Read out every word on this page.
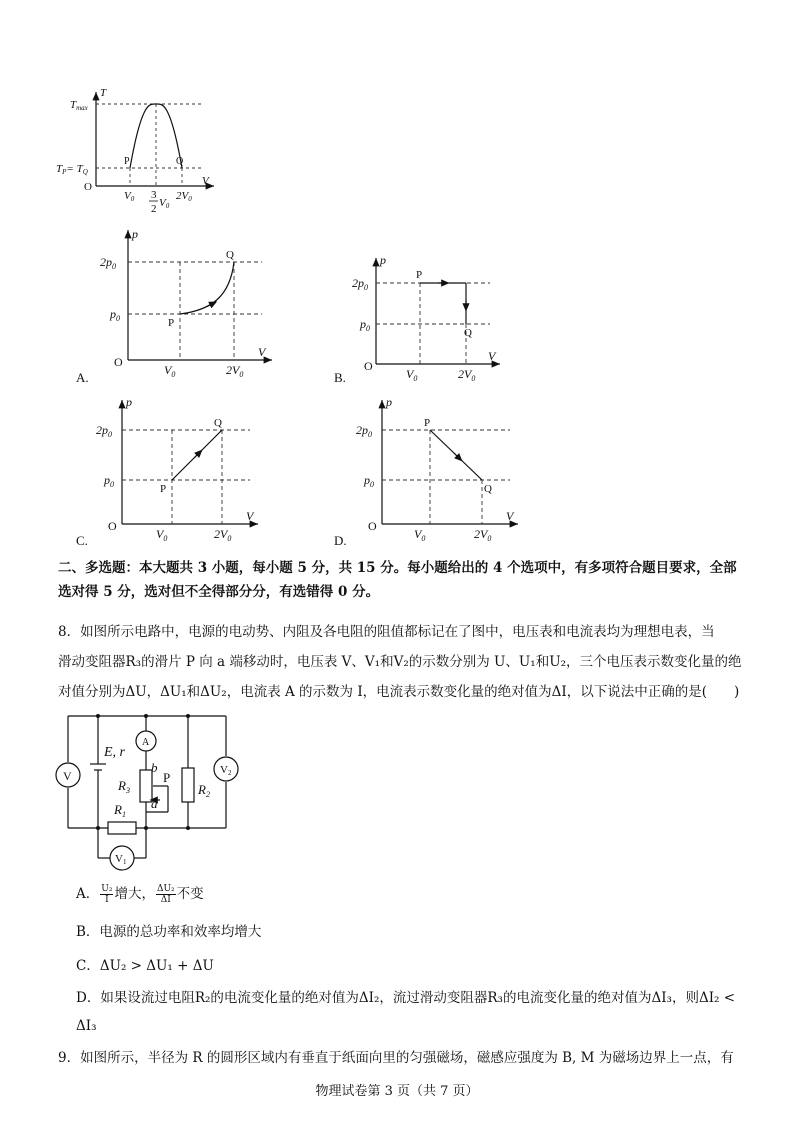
Tmax
T
TP= TQ
O	V
P	Q
V0 3
2 V0
2V0
p
$2p_0$
$p_0$
O
V
$V_0$	$2V_0$
P
Q
A.
p
$2p_0$
$p_0$
O
V
$V_0$	$2V_0$
P
Q
B.
p
$2p_0$
$p_0$
O
V
$V_0$	$2V_0$
P
Q
C.
p
$2p_0$
$p_0$
O
V
$V_0$	$2V_0$
P
Q
D.
二、多选题：本大题共 3 小题，每小题 5 分，共 15 分。每小题给出的 4 个选项中，有多项符合题目要求，全部
选对得 5 分，选对但不全得部分分，有选错得 0 分。
8．如图所示电路中，电源的电动势、内阻及各电阻的阻值都标记在了图中，电压表和电流表均为理想电表，当
滑动变阻器R₃的滑片 P 向 a 端移动时，电压表 V、V₁和V₂的示数分别为 U、U₁和U₂，三个电压表示数变化量的绝
对值分别为ΔU，ΔU₁和ΔU₂，电流表 A 的示数为 I，电流表示数变化量的绝对值为ΔI，以下说法中正确的是(　　)
V
A
V2
V1
E, r
$R_3$	$R_2$
$R_1$
b
a
P
A． $\frac{\text{U₂}}{I}$ 增大， $\frac{\text{ΔU₂}}{\Delta I}$ 不变
B．电源的总功率和效率均增大
C．ΔU₂ > ΔU₁ + ΔU
D．如果设流过电阻R₂的电流变化量的绝对值为ΔI₂，流过滑动变阻器R₃的电流变化量的绝对值为ΔI₃，则ΔI₂ <
ΔI₃
9．如图所示，半径为 R 的圆形区域内有垂直于纸面向里的匀强磁场，磁感应强度为 B, M 为磁场边界上一点，有
物理试卷第 3 页（共 7 页）
